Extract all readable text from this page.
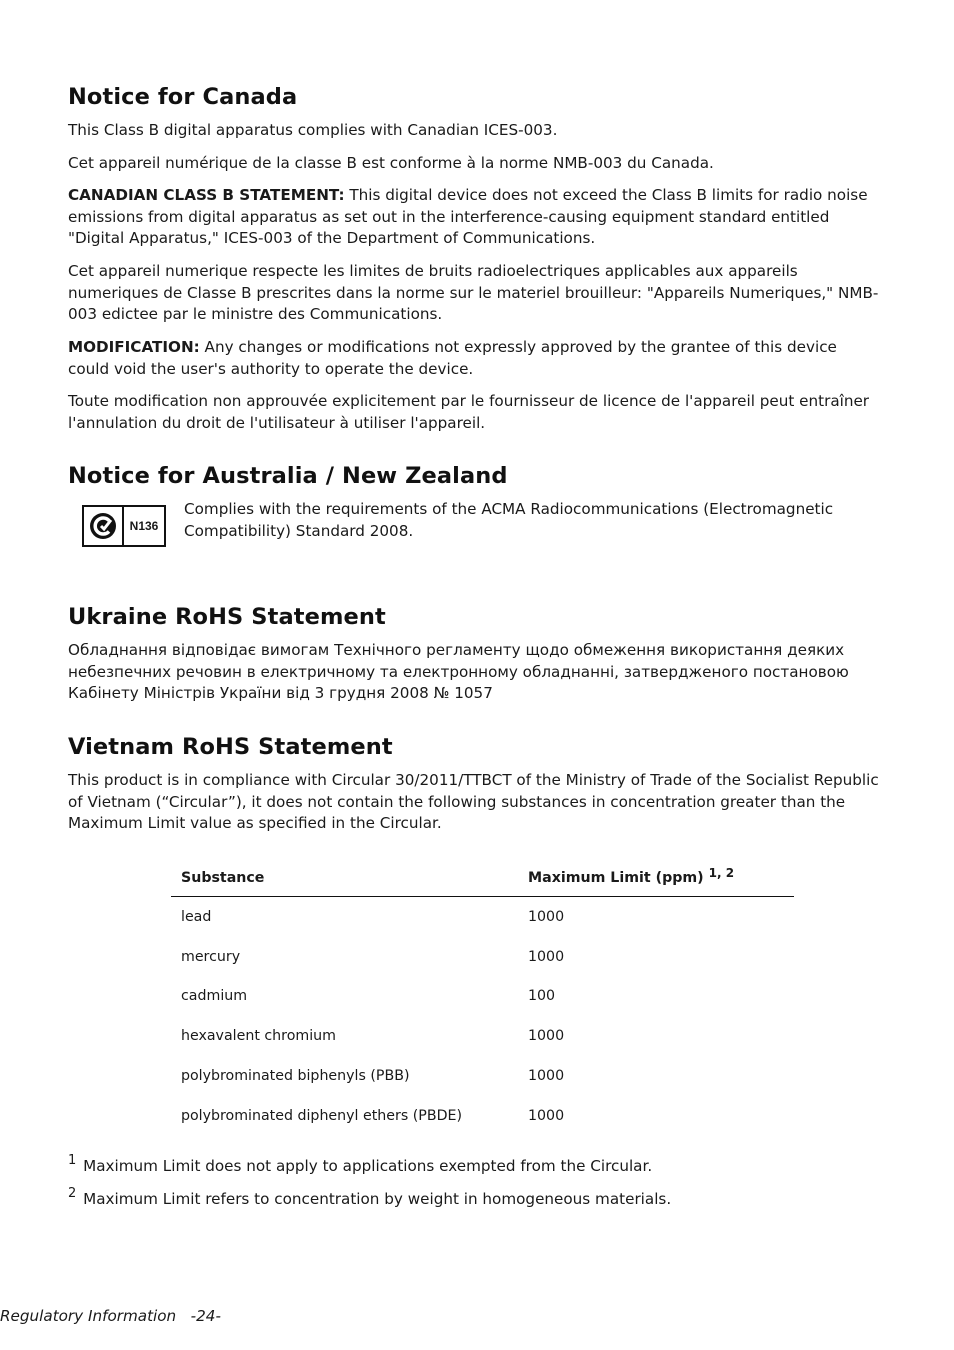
Notice for Canada

This Class B digital apparatus complies with Canadian ICES-003.

Cet appareil numérique de la classe B est conforme à la norme NMB-003 du Canada.

CANADIAN CLASS B STATEMENT: This digital device does not exceed the Class B limits for radio noise emissions from digital apparatus as set out in the interference-causing equipment standard entitled "Digital Apparatus," ICES-003 of the Department of Communications.

Cet appareil numerique respecte les limites de bruits radioelectriques applicables aux appareils numeriques de Classe B prescrites dans la norme sur le materiel brouilleur: "Appareils Numeriques," NMB-003 edictee par le ministre des Communications.

MODIFICATION: Any changes or modifications not expressly approved by the grantee of this device could void the user's authority to operate the device.

Toute modification non approuvée explicitement par le fournisseur de licence de l'appareil peut entraîner l'annulation du droit de l'utilisateur à utiliser l'appareil.

Notice for Australia / New Zealand
N136

Complies with the requirements of the ACMA Radiocommunications (Electromagnetic Compatibility) Standard 2008.

Ukraine RoHS Statement

Обладнання відповідає вимогам Технічного регламенту щодо обмеження використання деяких небезпечних речовин в електричному та електронному обладнанні, затвердженого постановою Кабінету Міністрів України від 3 грудня 2008 № 1057

Vietnam RoHS Statement

This product is in compliance with Circular 30/2011/TTBCT of the Ministry of Trade of the Socialist Republic of Vietnam (“Circular”), it does not contain the following substances in concentration greater than the Maximum Limit value as specified in the Circular.

Substance	Maximum Limit (ppm) $^{1, 2}$
lead	1000
mercury	1000
cadmium	100
hexavalent chromium	1000
polybrominated biphenyls (PBB)	1000
polybrominated diphenyl ethers (PBDE)	1000

$^1$ Maximum Limit does not apply to applications exempted from the Circular.

$^2$ Maximum Limit refers to concentration by weight in homogeneous materials.

Regulatory Information   -24-
